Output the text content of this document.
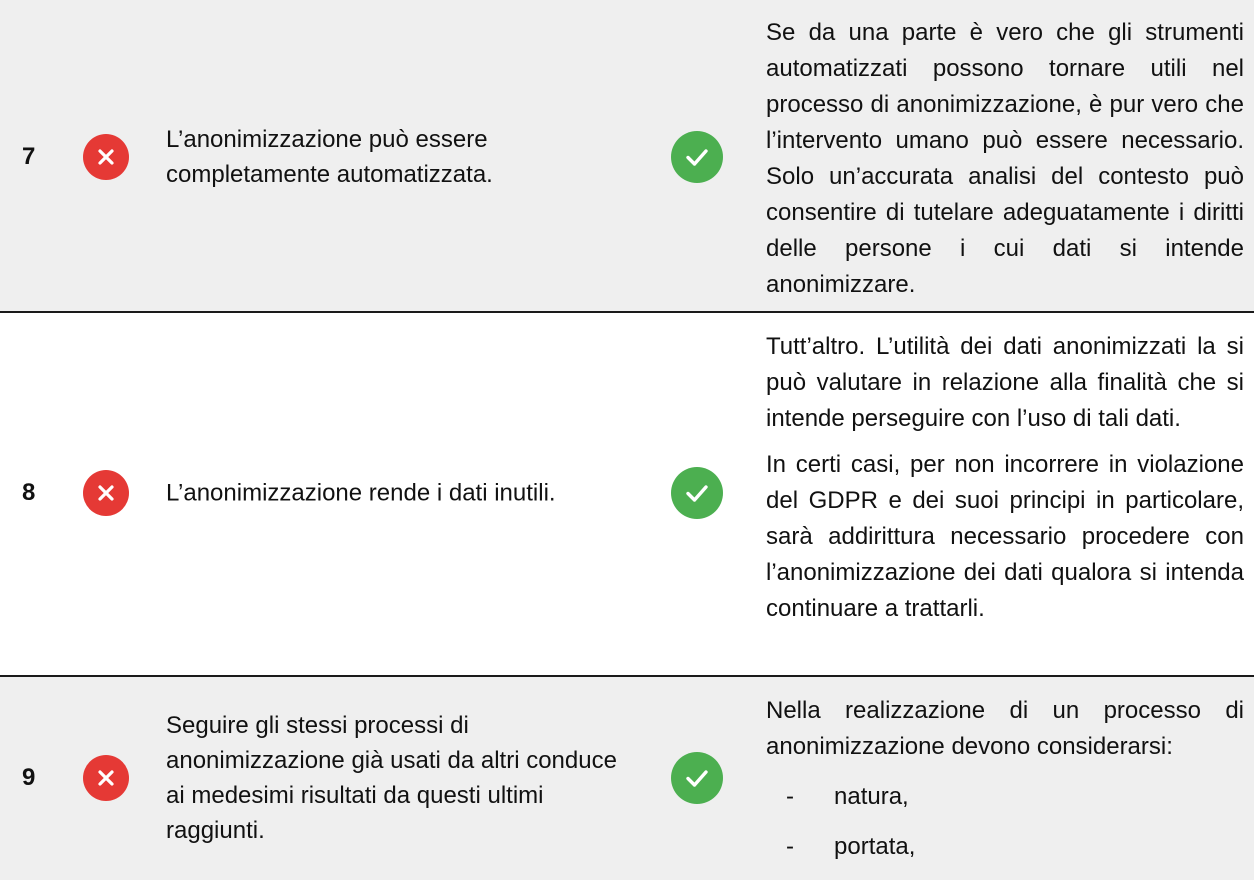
7
L’anonimizzazione può essere completamente automatizzata.

Se da una parte è vero che gli strumenti automatizzati possono tornare utili nel processo di anonimizzazione, è pur vero che l’intervento umano può essere necessario. Solo un’accurata analisi del contesto può consentire di tutelare adeguatamente i diritti delle persone i cui dati si intende anonimizzare.

8	L’anonimizzazione rende i dati inutili.

Tutt’altro. L’utilità dei dati anonimizzati la si può valutare in relazione alla finalità che si intende perseguire con l’uso di tali dati.

In certi casi, per non incorrere in violazione del GDPR e dei suoi principi in particolare, sarà addirittura necessario procedere con l’anonimizzazione dei dati qualora si intenda continuare a trattarli.

9
Seguire gli stessi processi di anonimizzazione già usati da altri conduce ai medesimi risultati da questi ultimi raggiunti.

Nella realizzazione di un processo di anonimizzazione devono considerarsi:

- natura,
- portata,
